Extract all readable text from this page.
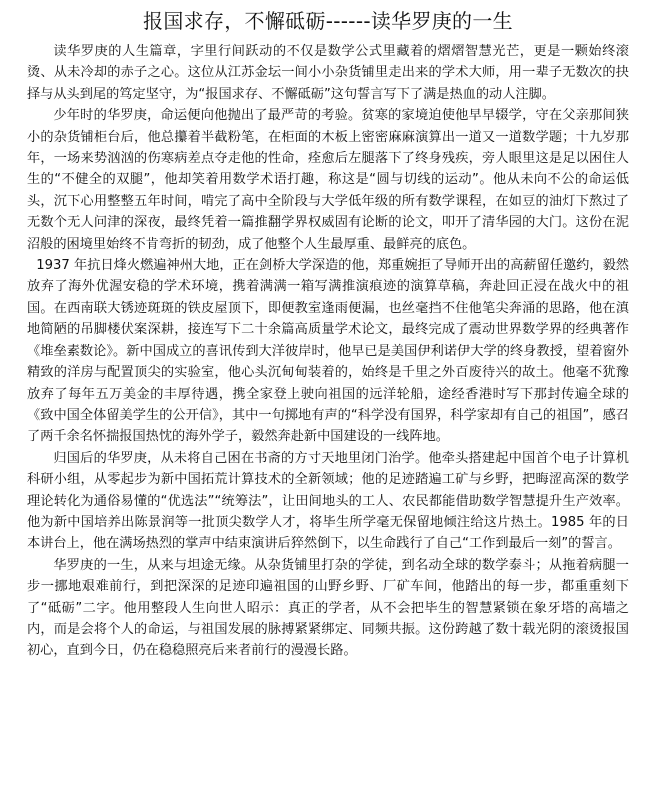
报国求存，不懈砥砺------读华罗庚的一生

读华罗庚的人生篇章，字里行间跃动的不仅是数学公式里藏着的熠熠智慧光芒，更是一颗始终滚烫、从未冷却的赤子之心。这位从江苏金坛一间小小杂货铺里走出来的学术大师，用一辈子无数次的抉择与从头到尾的笃定坚守，为“报国求存、不懈砥砺”这句誓言写下了满是热血的动人注脚。

少年时的华罗庚，命运便向他抛出了最严苛的考验。贫寒的家境迫使他早早辍学，守在父亲那间狭小的杂货铺柜台后，他总攥着半截粉笔，在柜面的木板上密密麻麻演算出一道又一道数学题；十九岁那年，一场来势汹汹的伤寒病差点夺走他的性命，痊愈后左腿落下了终身残疾，旁人眼里这是足以困住人生的“不健全的双腿”，他却笑着用数学术语打趣，称这是“圆与切线的运动”。他从未向不公的命运低头，沉下心用整整五年时间，啃完了高中全阶段与大学低年级的所有数学课程，在如豆的油灯下熬过了无数个无人问津的深夜，最终凭着一篇推翻学界权威固有论断的论文，叩开了清华园的大门。这份在泥沼般的困境里始终不肯弯折的韧劲，成了他整个人生最厚重、最鲜亮的底色。

1937 年抗日烽火燃遍神州大地，正在剑桥大学深造的他，郑重婉拒了导师开出的高薪留任邀约，毅然放弃了海外优渥安稳的学术环境，携着满满一箱写满推演痕迹的演算草稿，奔赴回正浸在战火中的祖国。在西南联大锈迹斑斑的铁皮屋顶下，即便教室逢雨便漏，也丝毫挡不住他笔尖奔涌的思路，他在滇地简陋的吊脚楼伏案深耕，接连写下二十余篇高质量学术论文，最终完成了震动世界数学界的经典著作《堆垒素数论》。新中国成立的喜讯传到大洋彼岸时，他早已是美国伊利诺伊大学的终身教授，望着窗外精致的洋房与配置顶尖的实验室，他心头沉甸甸装着的，始终是千里之外百废待兴的故土。他毫不犹豫放弃了每年五万美金的丰厚待遇，携全家登上驶向祖国的远洋轮船，途经香港时写下那封传遍全球的《致中国全体留美学生的公开信》，其中一句掷地有声的“科学没有国界，科学家却有自己的祖国”，感召了两千余名怀揣报国热忱的海外学子，毅然奔赴新中国建设的一线阵地。

归国后的华罗庚，从未将自己困在书斋的方寸天地里闭门治学。他牵头搭建起中国首个电子计算机科研小组，从零起步为新中国拓荒计算技术的全新领域；他的足迹踏遍工矿与乡野，把晦涩高深的数学理论转化为通俗易懂的“优选法”“统筹法”，让田间地头的工人、农民都能借助数学智慧提升生产效率。他为新中国培养出陈景润等一批顶尖数学人才，将毕生所学毫无保留地倾注给这片热土。1985 年的日本讲台上，他在满场热烈的掌声中结束演讲后猝然倒下，以生命践行了自己“工作到最后一刻”的誓言。

华罗庚的一生，从来与坦途无缘。从杂货铺里打杂的学徒，到名动全球的数学泰斗；从拖着病腿一步一挪地艰难前行，到把深深的足迹印遍祖国的山野乡野、厂矿车间，他踏出的每一步，都重重刻下了“砥砺”二字。他用整段人生向世人昭示：真正的学者，从不会把毕生的智慧紧锁在象牙塔的高墙之内，而是会将个人的命运，与祖国发展的脉搏紧紧绑定、同频共振。这份跨越了数十载光阴的滚烫报国初心，直到今日，仍在稳稳照亮后来者前行的漫漫长路。
